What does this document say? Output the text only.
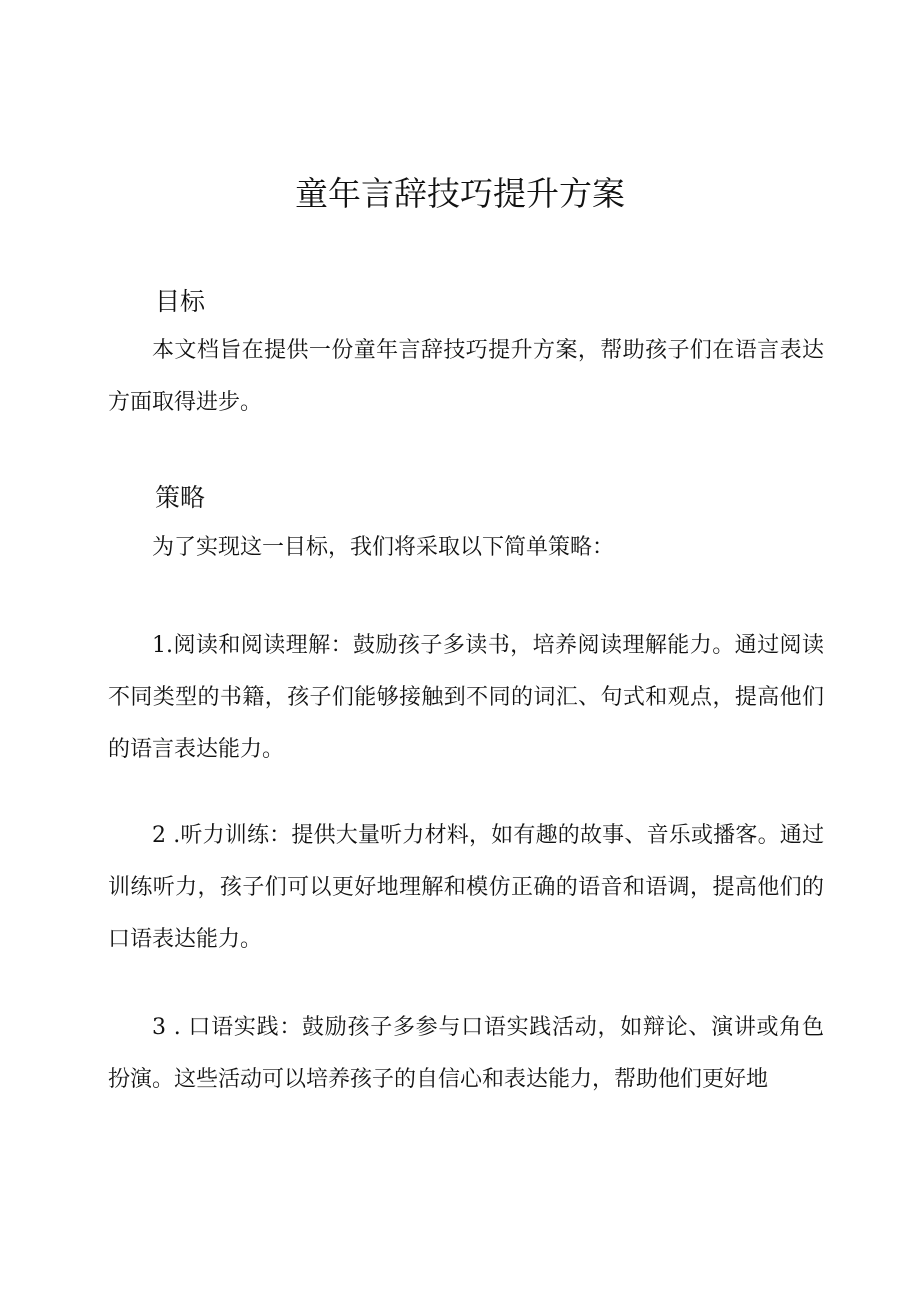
童年言辞技巧提升方案
目标

本文档旨在提供一份童年言辞技巧提升方案，帮助孩子们在语言表达方面取得进步。

策略

为了实现这一目标，我们将采取以下简单策略：

1.阅读和阅读理解：鼓励孩子多读书，培养阅读理解能力。通过阅读不同类型的书籍，孩子们能够接触到不同的词汇、句式和观点，提高他们的语言表达能力。

2 .听力训练：提供大量听力材料，如有趣的故事、音乐或播客。通过训练听力，孩子们可以更好地理解和模仿正确的语音和语调，提高他们的口语表达能力。

3 . 口语实践：鼓励孩子多参与口语实践活动，如辩论、演讲或角色扮演。这些活动可以培养孩子的自信心和表达能力，帮助他们更好地
